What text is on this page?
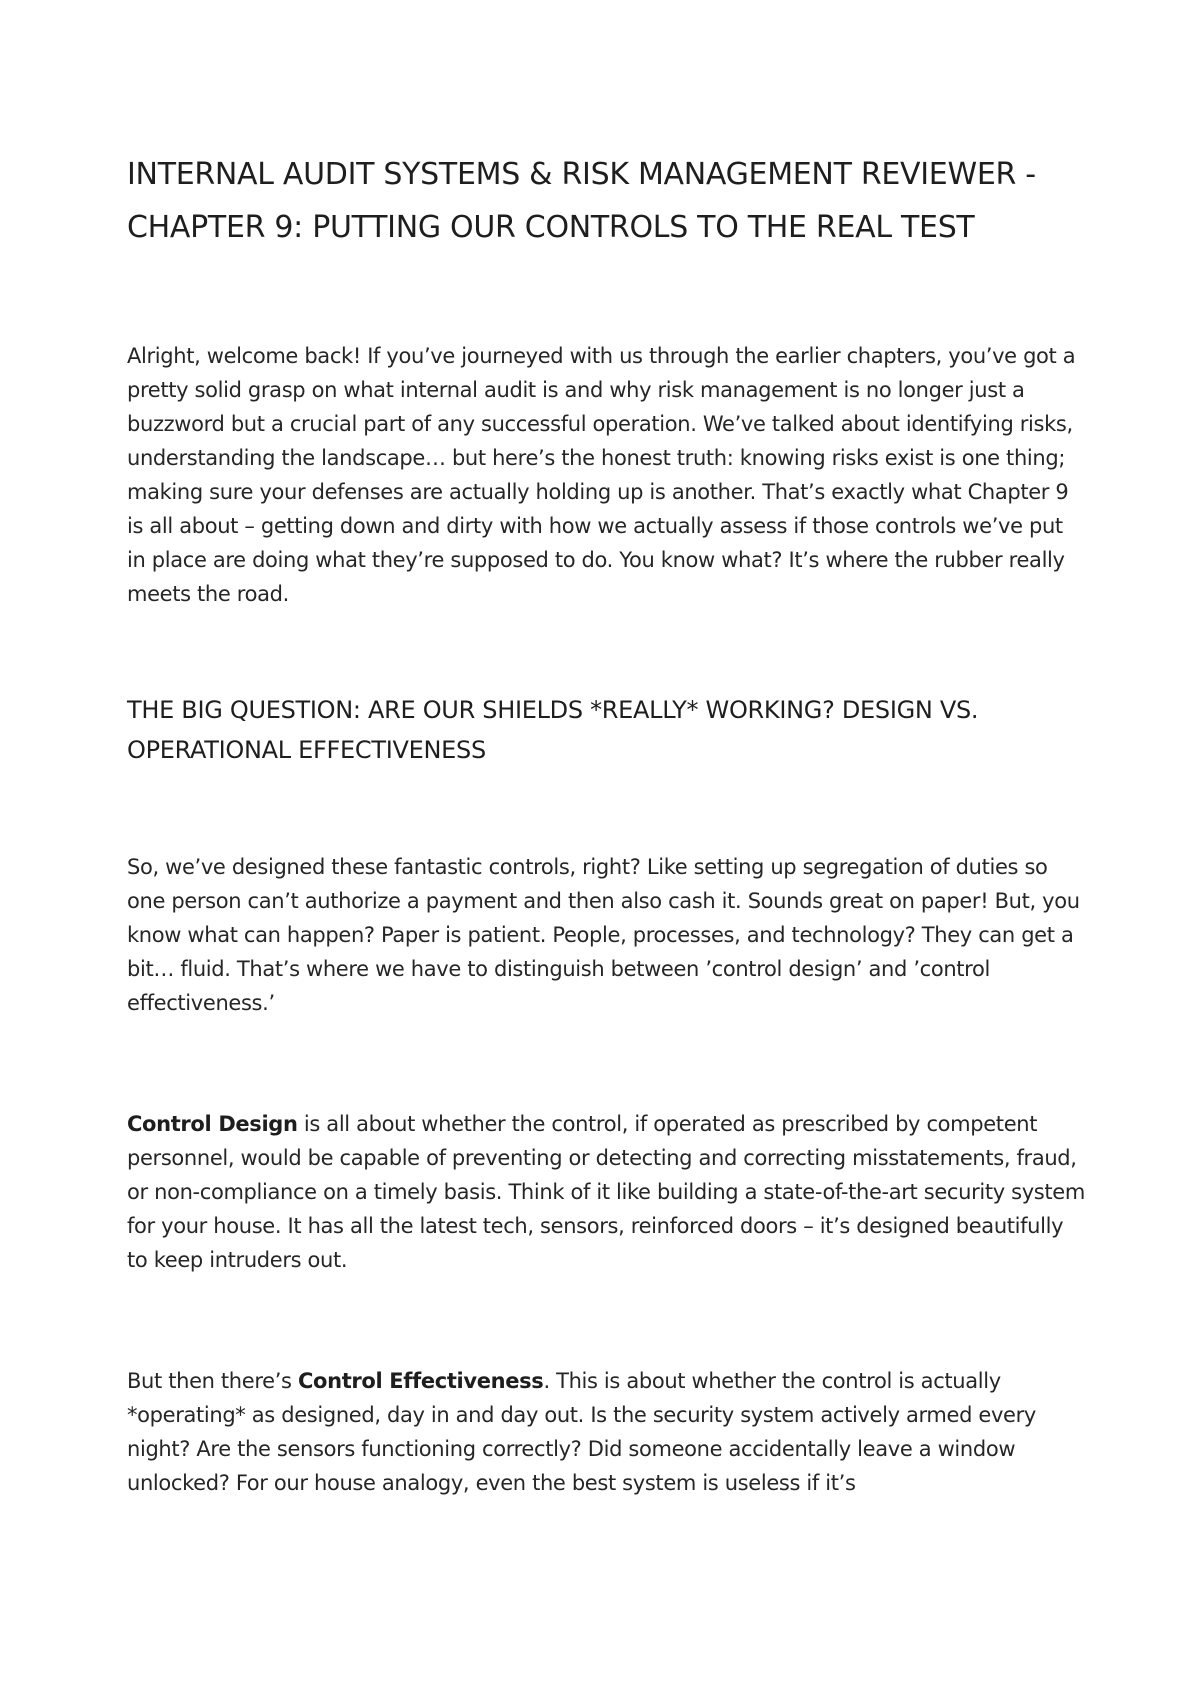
INTERNAL AUDIT SYSTEMS & RISK MANAGEMENT REVIEWER - CHAPTER 9: PUTTING OUR CONTROLS TO THE REAL TEST

Alright, welcome back! If you’ve journeyed with us through the earlier chapters, you’ve got a pretty solid grasp on what internal audit is and why risk management is no longer just a buzzword but a crucial part of any successful operation. We’ve talked about identifying risks, understanding the landscape… but here’s the honest truth: knowing risks exist is one thing; making sure your defenses are actually holding up is another. That’s exactly what Chapter 9 is all about – getting down and dirty with how we actually assess if those controls we’ve put in place are doing what they’re supposed to do. You know what? It’s where the rubber really meets the road.

THE BIG QUESTION: ARE OUR SHIELDS *REALLY* WORKING? DESIGN VS. OPERATIONAL EFFECTIVENESS

So, we’ve designed these fantastic controls, right? Like setting up segregation of duties so one person can’t authorize a payment and then also cash it. Sounds great on paper! But, you know what can happen? Paper is patient. People, processes, and technology? They can get a bit… fluid. That’s where we have to distinguish between ’control design’ and ’control effectiveness.’

Control Design is all about whether the control, if operated as prescribed by competent personnel, would be capable of preventing or detecting and correcting misstatements, fraud, or non-compliance on a timely basis. Think of it like building a state-of-the-art security system for your house. It has all the latest tech, sensors, reinforced doors – it’s designed beautifully to keep intruders out.

But then there’s Control Effectiveness. This is about whether the control is actually *operating* as designed, day in and day out. Is the security system actively armed every night? Are the sensors functioning correctly? Did someone accidentally leave a window unlocked? For our house analogy, even the best system is useless if it’s
